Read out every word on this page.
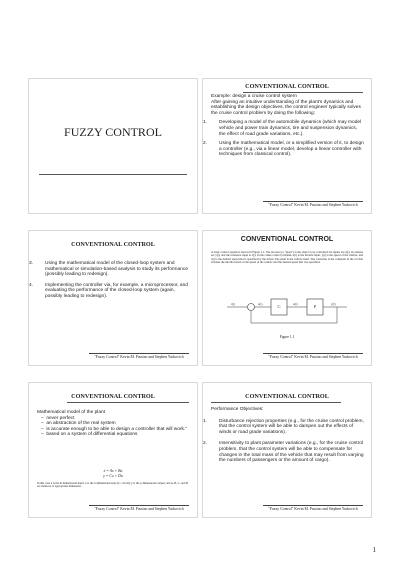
FUZZY CONTROL
CONVENTIONAL CONTROL
Example: design a cruise control system
After gaining an intuitive understanding of the plant's dynamics and establishing the design objectives, the control engineer typically solves the cruise control problem by doing the following:
1. Developing a model of the automobile dynamics (which may model vehicle and power train dynamics, tire and suspension dynamics, the effect of road grade variations, etc.).
2. Using the mathematical model, or a simplified version of it, to design a controller (e.g., via a linear model, develop a linear controller with techniques from classical control).
"Fuzzy Control" Kevin M. Passino and Stephen Yurkovich
CONVENTIONAL CONTROL
3. Using the mathematical model of the closed-loop system and mathematical or simulation-based analysis to study its performance (possibly leading to redesign).
4. Implementing the controller via, for example, a microprocessor, and evaluating the performance of the closed-loop system (again, possibly leading to redesign).
"Fuzzy Control" Kevin M. Passino and Stephen Yurkovich
CONVENTIONAL CONTROL
A basic control system is shown in Figure 1.1. The process (or "plant") is the object to be controlled. Its inputs are u(t), its outputs are y(t), and the reference input is r(t). In the cruise control problem, u(t) is the throttle input, y(t) is the speed of the vehicle, and r(t) is the desired speed that is specified by the driver. The plant is the vehicle itself. The controller is the computer in the car that actuates the throttle based on the speed of the vehicle and the desired speed that was specified.
r(t)	e(t)
C
u(t)
P
y(t)
Figure 1.1
"Fuzzy Control" Kevin M. Passino and Stephen Yurkovich
CONVENTIONAL CONTROL
Mathematical model of the plant
–  never perfect
–  an abstraction of the real system
–  is accurate enough to be able to design a controller that will work."
–  based on a system of differential equations
ẋ = Ax + Bu
y = Cx + Du
In this case u is the m dimensional input; x is the n dimensional state (ẋ = dx/dt); y is the p dimensional output; and A, B, C, and D are matrices of appropriate dimension.
"Fuzzy Control" Kevin M. Passino and Stephen Yurkovich
CONVENTIONAL CONTROL
Performance Objectives:
1. Disturbance rejection properties (e.g., for the cruise control problem, that the control system will be able to dampen out the effects of winds or road grade variations).
2. Insensitivity to plant parameter variations (e.g., for the cruise control problem, that the control system will be able to compensate for changes in the total mass of the vehicle that may result from varying the numbers of passengers or the amount of cargo).
"Fuzzy Control" Kevin M. Passino and Stephen Yurkovich
1
